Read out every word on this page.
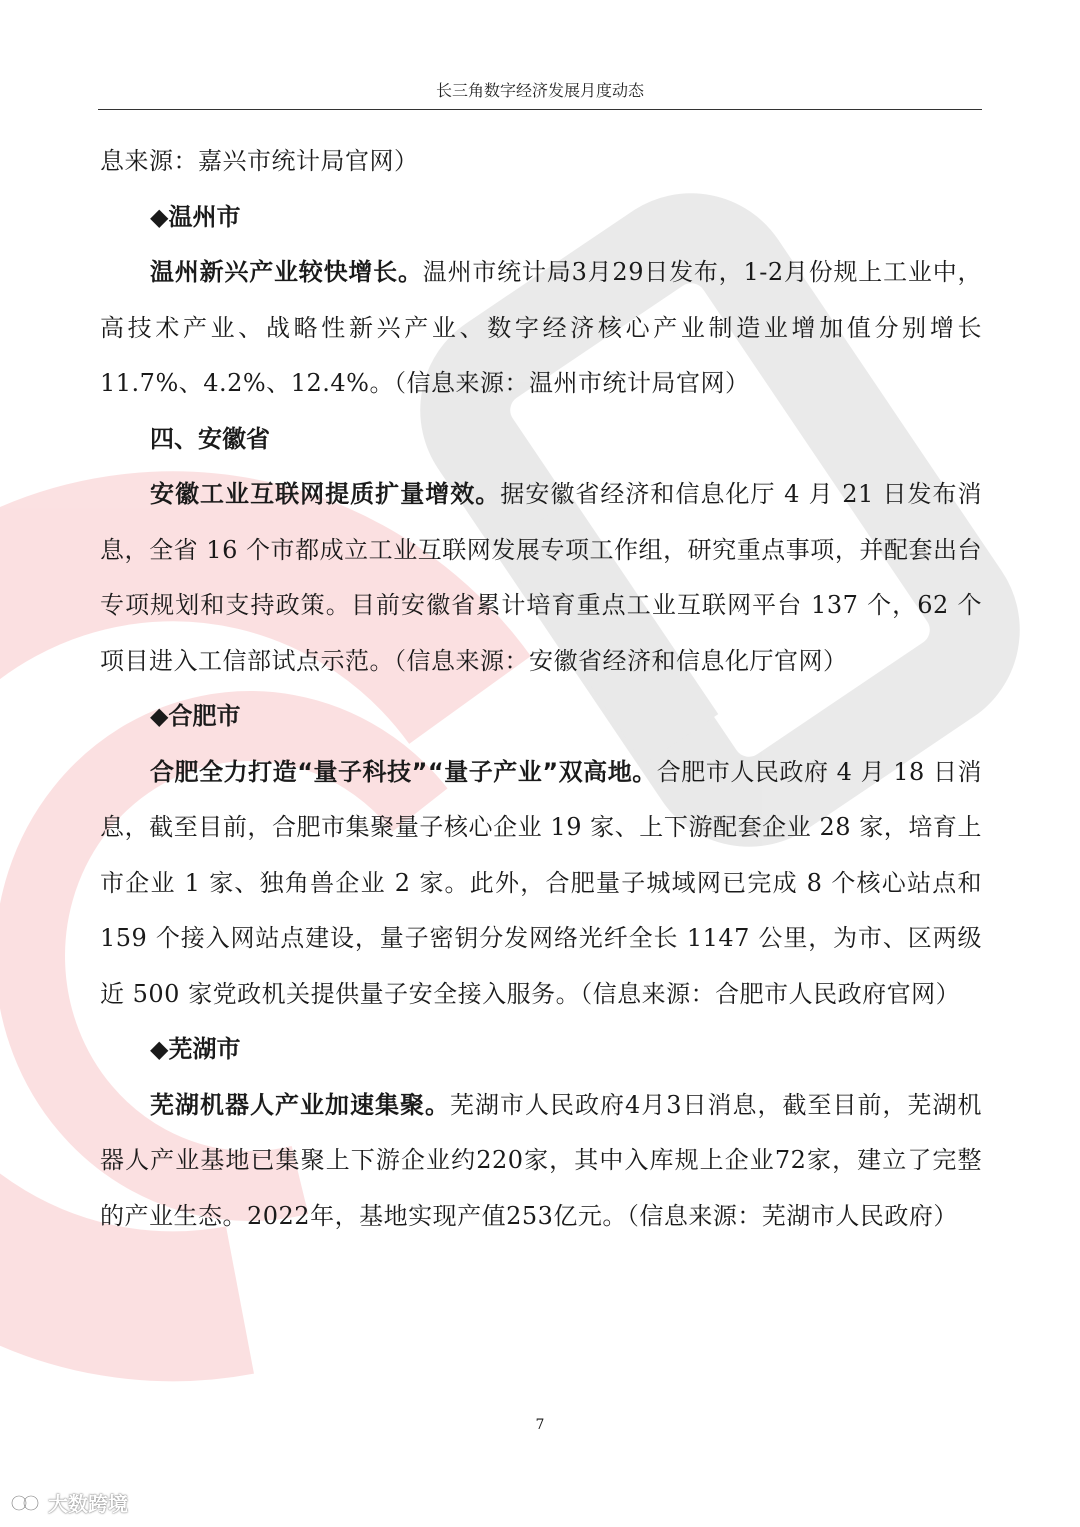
长三角数字经济发展月度动态

息来源：嘉兴市统计局官网）

◆温州市

温州新兴产业较快增长。温州市统计局3月29日发布，1-2月份规上工业中，高技术产业、战略性新兴产业、数字经济核心产业制造业增加值分别增长11.7%、4.2%、12.4%。（信息来源：温州市统计局官网）

四、安徽省

安徽工业互联网提质扩量增效。据安徽省经济和信息化厅 4 月 21 日发布消息，全省 16 个市都成立工业互联网发展专项工作组，研究重点事项，并配套出台专项规划和支持政策。目前安徽省累计培育重点工业互联网平台 137 个，62 个项目进入工信部试点示范。（信息来源：安徽省经济和信息化厅官网）

◆合肥市

合肥全力打造“量子科技”“量子产业”双高地。合肥市人民政府 4 月 18 日消息，截至目前，合肥市集聚量子核心企业 19 家、上下游配套企业 28 家，培育上市企业 1 家、独角兽企业 2 家。此外，合肥量子城域网已完成 8 个核心站点和 159 个接入网站点建设，量子密钥分发网络光纤全长 1147 公里，为市、区两级近 500 家党政机关提供量子安全接入服务。（信息来源：合肥市人民政府官网）

◆芜湖市

芜湖机器人产业加速集聚。芜湖市人民政府4月3日消息，截至目前，芜湖机器人产业基地已集聚上下游企业约220家，其中入库规上企业72家，建立了完整的产业生态。2022年，基地实现产值253亿元。（信息来源：芜湖市人民政府）

7
大数跨境
